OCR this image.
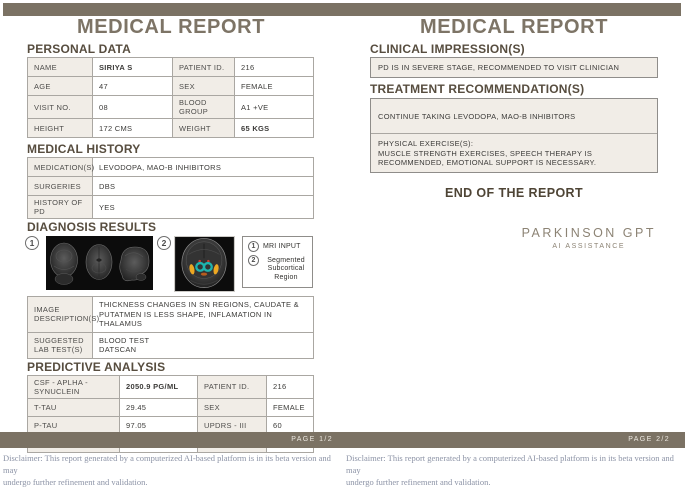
MEDICAL REPORT
PERSONAL DATA
NAME	SIRIYA S	PATIENT ID.	216
AGE	47	SEX	FEMALE
VISIT NO.	08	BLOOD GROUP	A1 +VE
HEIGHT	172 CMS	WEIGHT	65 KGS
MEDICAL HISTORY
MEDICATION(S)	LEVODOPA, MAO-B INHIBITORS
SURGERIES	DBS
HISTORY OF PD	YES
DIAGNOSIS RESULTS
1	2	1	MRI INPUT
2	Segmented Subcortical Region
IMAGE DESCRIPTION(S)	THICKNESS CHANGES IN SN REGIONS, CAUDATE & PUTATMEN IS LESS SHAPE, INFLAMATION IN THALAMUS
SUGGESTED LAB TEST(S)	BLOOD TEST
DATSCAN
PREDICTIVE ANALYSIS
CSF - APLHA - SYNUCLEIN	2050.9 PG/ML	PATIENT ID.	216
T-TAU	29.45	SEX	FEMALE
P-TAU	97.05	UPDRS - III	60

MEDICAL REPORT
CLINICAL IMPRESSION(S)
PD IS IN SEVERE STAGE, RECOMMENDED TO VISIT CLINICIAN
TREATMENT RECOMMENDATION(S)
CONTINUE TAKING LEVODOPA, MAO-B INHIBITORS
PHYSICAL EXERCISE(S):
MUSCLE STRENGTH EXERCISES, SPEECH THERAPY IS RECOMMENDED, EMOTIONAL SUPPORT IS NECESSARY.
END OF THE REPORT
PARKINSON GPT
AI ASSISTANCE
PAGE 1/2	PAGE 2/2
Disclaimer: This report generated by a computerized AI-based platform is in its beta version and may
undergo further refinement and validation.
Disclaimer: This report generated by a computerized AI-based platform is in its beta version and may
undergo further refinement and validation.
